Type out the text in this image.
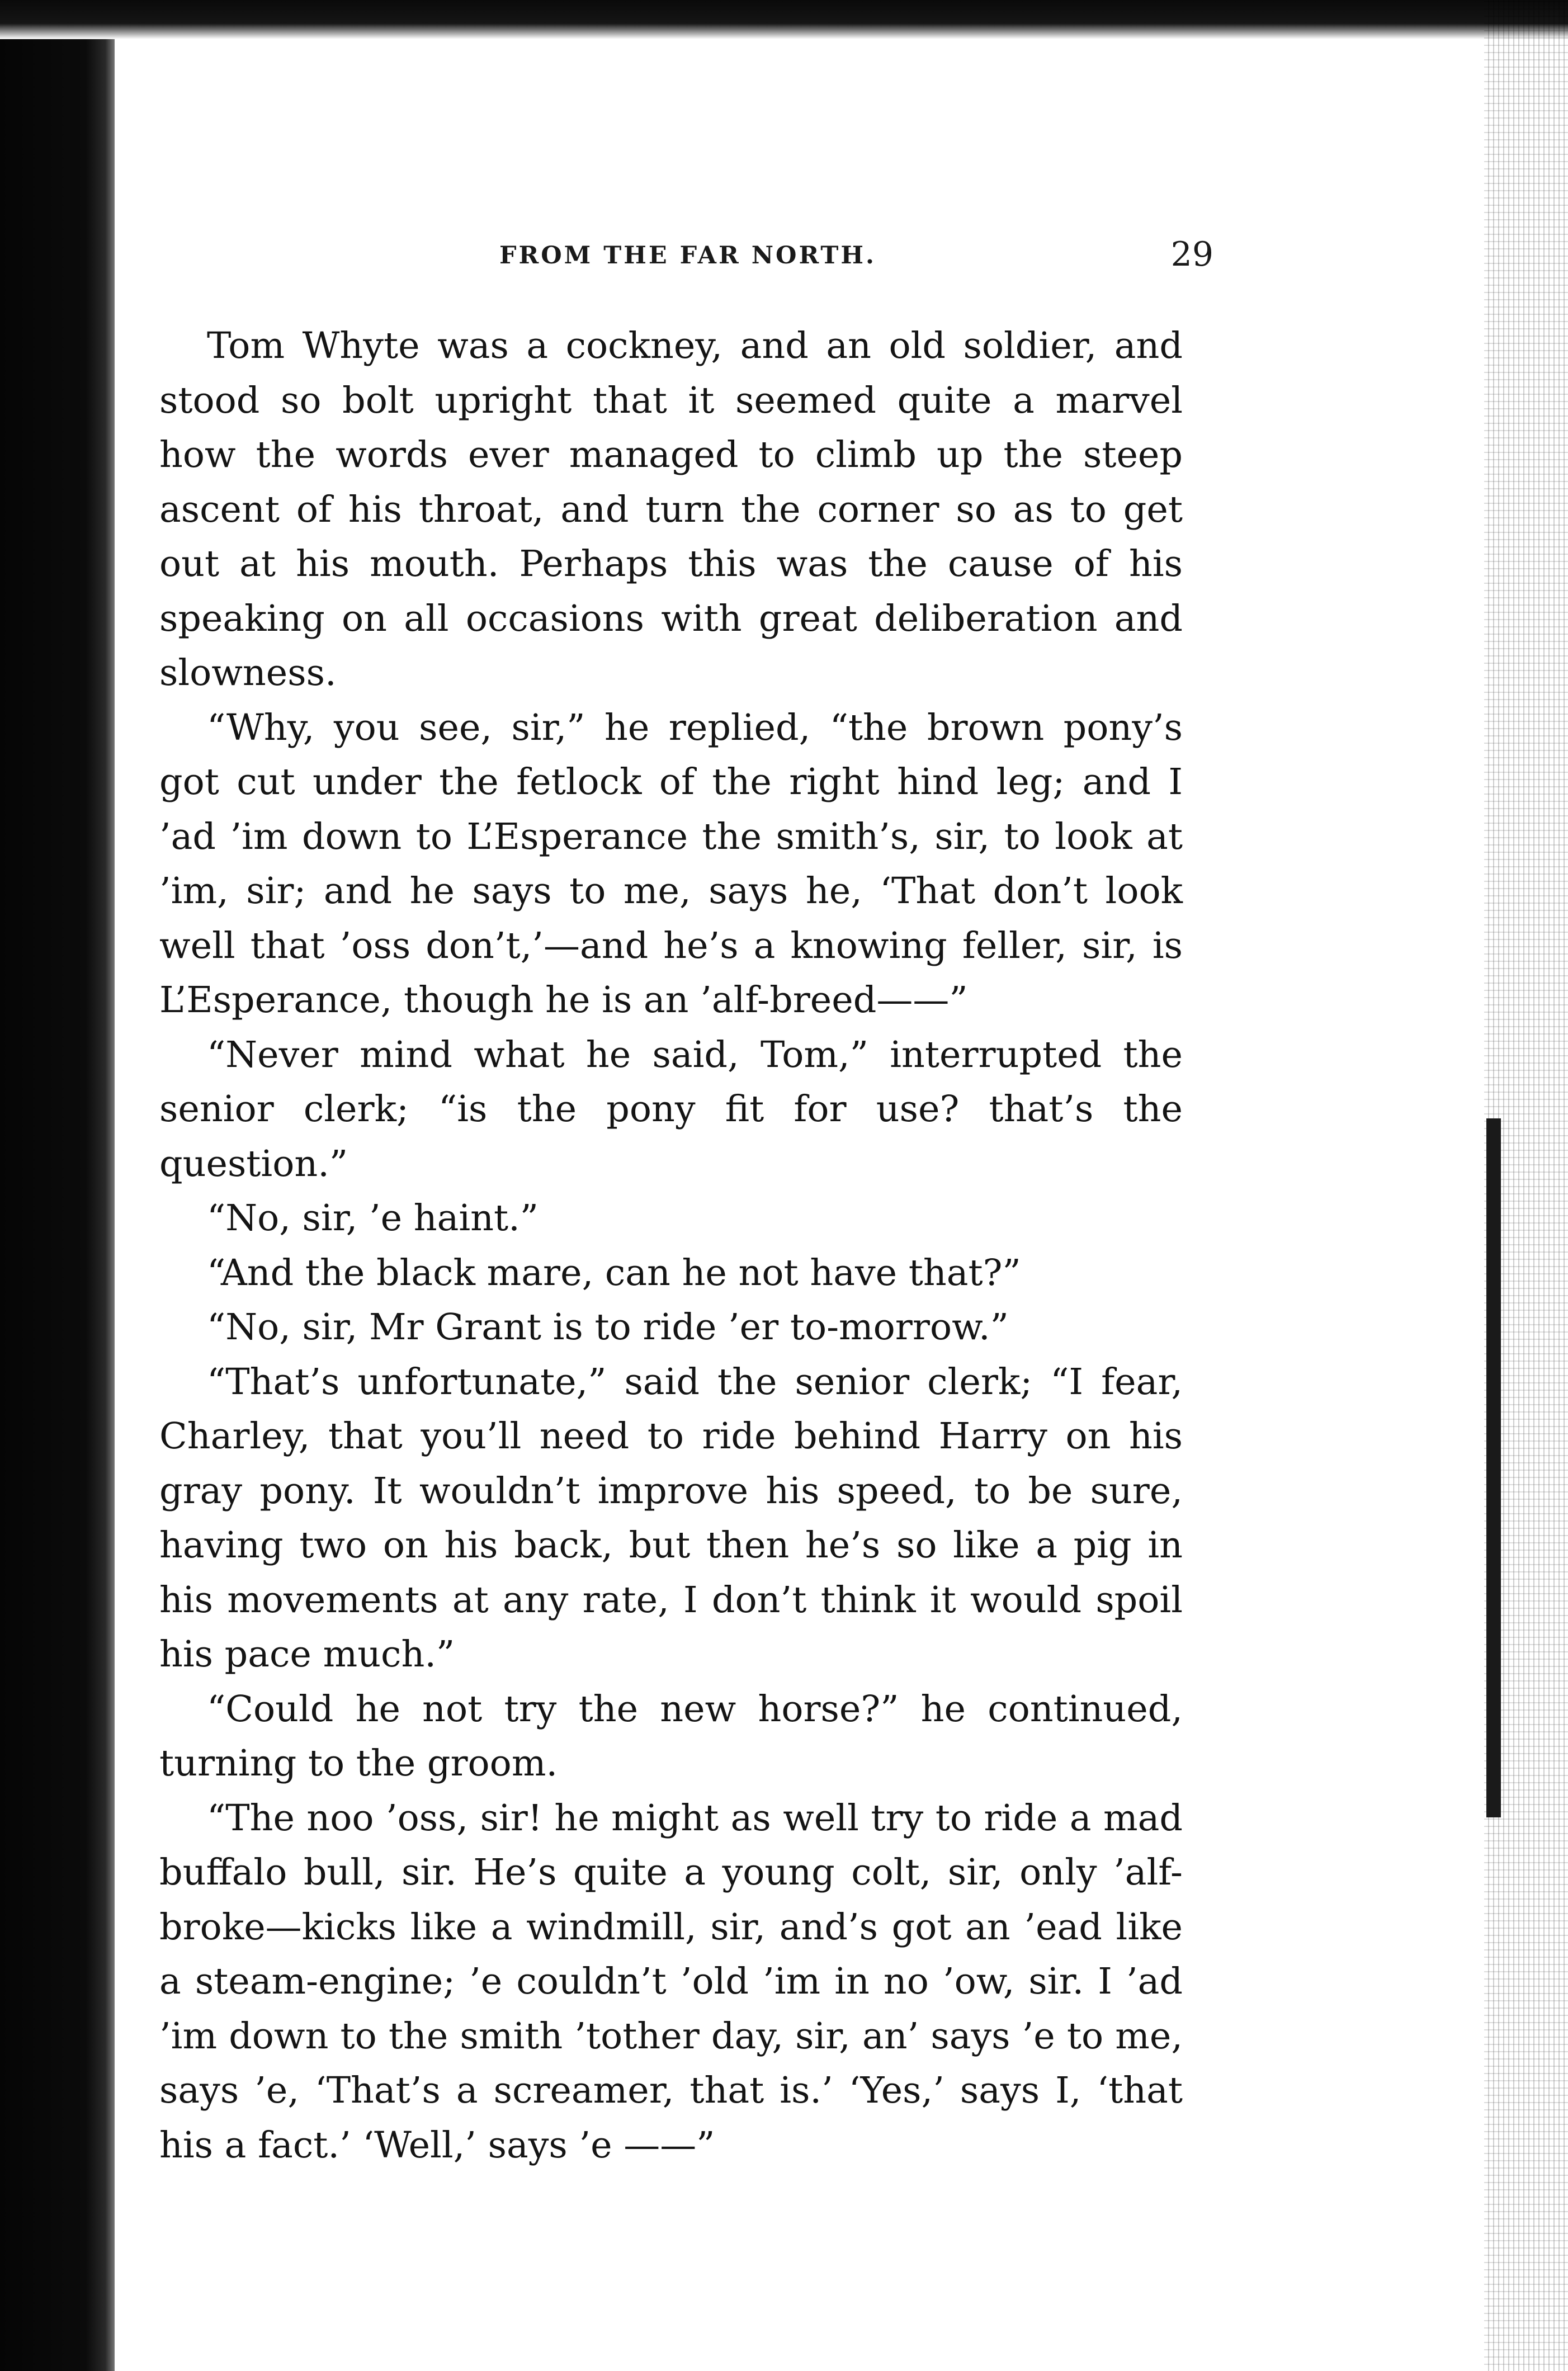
FROM THE FAR NORTH.	29

Tom Whyte was a cockney, and an old soldier, and stood so bolt upright that it seemed quite a marvel how the words ever managed to climb up the steep ascent of his throat, and turn the corner so as to get out at his mouth. Perhaps this was the cause of his speaking on all occasions with great deliberation and slowness.

“Why, you see, sir,” he replied, “the brown pony’s got cut under the fetlock of the right hind leg; and I ’ad ’im down to L’Esperance the smith’s, sir, to look at ’im, sir; and he says to me, says he, ‘That don’t look well that ’oss don’t,’—and he’s a knowing feller, sir, is L’Esperance, though he is an ’alf-breed——”

“Never mind what he said, Tom,” interrupted the senior clerk; “is the pony fit for use? that’s the question.”

“No, sir, ’e haint.”

“And the black mare, can he not have that?”

“No, sir, Mr Grant is to ride ’er to-morrow.”

“That’s unfortunate,” said the senior clerk; “I fear, Charley, that you’ll need to ride behind Harry on his gray pony. It wouldn’t improve his speed, to be sure, having two on his back, but then he’s so like a pig in his movements at any rate, I don’t think it would spoil his pace much.”

“Could he not try the new horse?” he continued, turning to the groom.

“The noo ’oss, sir! he might as well try to ride a mad buffalo bull, sir. He’s quite a young colt, sir, only ’alf-broke—kicks like a windmill, sir, and’s got an ’ead like a steam-engine; ’e couldn’t ’old ’im in no ’ow, sir. I ’ad ’im down to the smith ’tother day, sir, an’ says ’e to me, says ’e, ‘That’s a screamer, that is.’ ‘Yes,’ says I, ‘that his a fact.’ ‘Well,’ says ’e ——”
